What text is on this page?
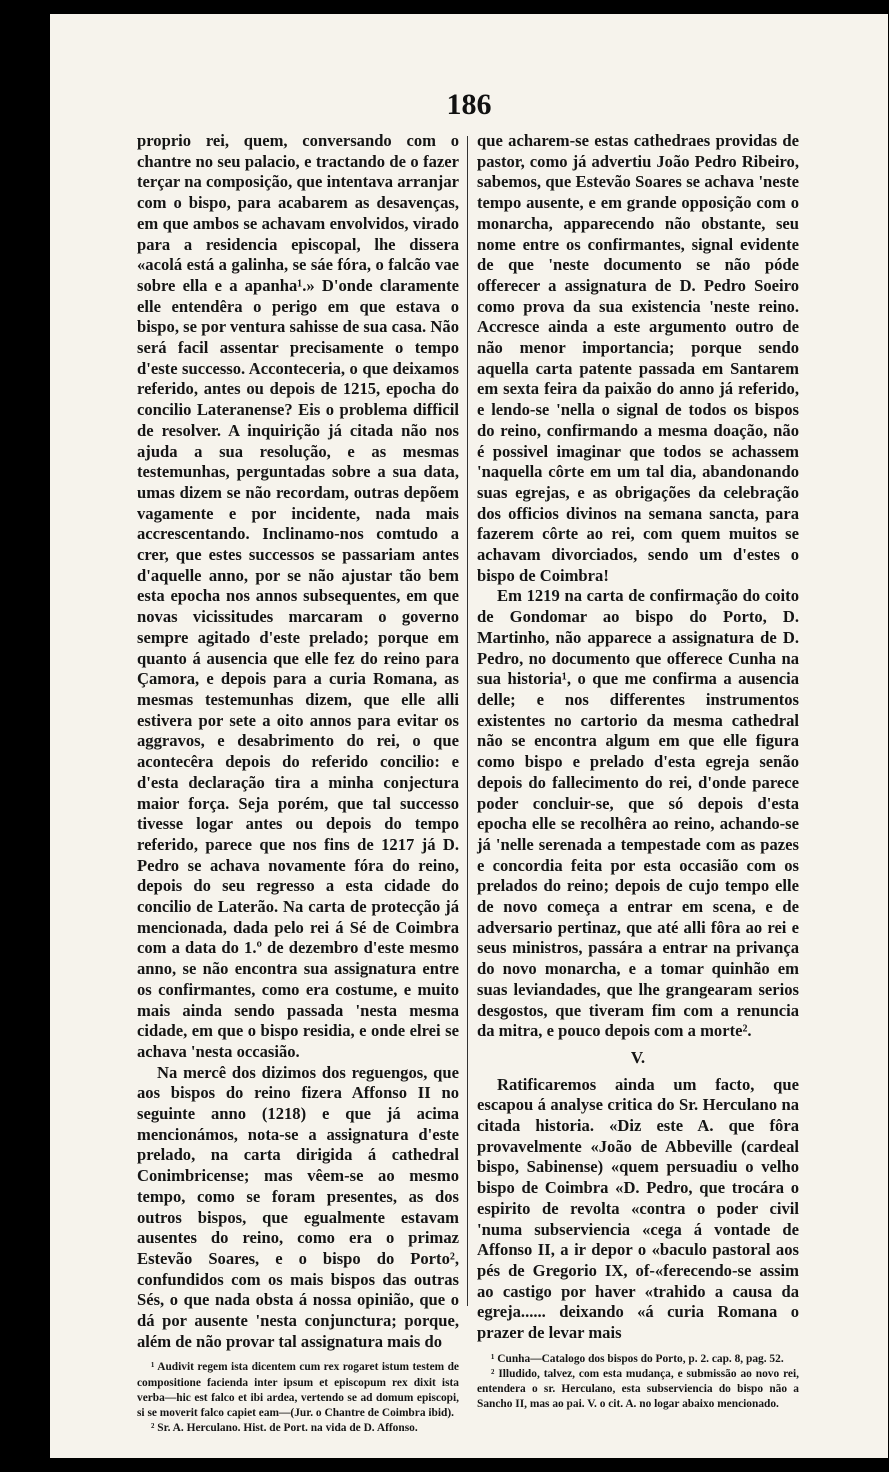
186

proprio rei, quem, conversando com o chantre no seu palacio, e tractando de o fazer terçar na composição, que intentava arranjar com o bispo, para acabarem as desavenças, em que ambos se achavam envolvidos, virado para a residencia episcopal, lhe dissera «acolá está a galinha, se sáe fóra, o falcão vae sobre ella e a apanha¹.» D'onde claramente elle entendêra o perigo em que estava o bispo, se por ventura sahisse de sua casa. Não será facil assentar precisamente o tempo d'este successo. Acconteceria, o que deixamos referido, antes ou depois de 1215, epocha do concilio Lateranense? Eis o problema difficil de resolver. A inquirição já citada não nos ajuda a sua resolução, e as mesmas testemunhas, perguntadas sobre a sua data, umas dizem se não recordam, outras depõem vagamente e por incidente, nada mais accrescentando. Inclinamo-nos comtudo a crer, que estes successos se passariam antes d'aquelle anno, por se não ajustar tão bem esta epocha nos annos subsequentes, em que novas vicissitudes marcaram o governo sempre agitado d'este prelado; porque em quanto á ausencia que elle fez do reino para Çamora, e depois para a curia Romana, as mesmas testemunhas dizem, que elle alli estivera por sete a oito annos para evitar os aggravos, e desabrimento do rei, o que acontecêra depois do referido concilio: e d'esta declaração tira a minha conjectura maior força. Seja porém, que tal successo tivesse logar antes ou depois do tempo referido, parece que nos fins de 1217 já D. Pedro se achava novamente fóra do reino, depois do seu regresso a esta cidade do concilio de Laterão. Na carta de protecção já mencionada, dada pelo rei á Sé de Coimbra com a data do 1.º de dezembro d'este mesmo anno, se não encontra sua assignatura entre os confirmantes, como era costume, e muito mais ainda sendo passada 'nesta mesma cidade, em que o bispo residia, e onde elrei se achava 'nesta occasião.

Na mercê dos dizimos dos reguengos, que aos bispos do reino fizera Affonso II no seguinte anno (1218) e que já acima mencionámos, nota-se a assignatura d'este prelado, na carta dirigida á cathedral Conimbricense; mas vêem-se ao mesmo tempo, como se foram presentes, as dos outros bispos, que egualmente estavam ausentes do reino, como era o primaz Estevão Soares, e o bispo do Porto², confundidos com os mais bispos das outras Sés, o que nada obsta á nossa opinião, que o dá por ausente 'nesta conjunctura; porque, além de não provar tal assignatura mais do

¹ Audivit regem ista dicentem cum rex rogaret istum testem de compositione facienda inter ipsum et episcopum rex dixit ista verba—hic est falco et ibi ardea, vertendo se ad domum episcopi, si se moverit falco capiet eam—(Jur. o Chantre de Coimbra ibid).

² Sr. A. Herculano. Hist. de Port. na vida de D. Affonso.

que acharem-se estas cathedraes providas de pastor, como já advertiu João Pedro Ribeiro, sabemos, que Estevão Soares se achava 'neste tempo ausente, e em grande opposição com o monarcha, apparecendo não obstante, seu nome entre os confirmantes, signal evidente de que 'neste documento se não póde offerecer a assignatura de D. Pedro Soeiro como prova da sua existencia 'neste reino. Accresce ainda a este argumento outro de não menor importancia; porque sendo aquella carta patente passada em Santarem em sexta feira da paixão do anno já referido, e lendo-se 'nella o signal de todos os bispos do reino, confirmando a mesma doação, não é possivel imaginar que todos se achassem 'naquella côrte em um tal dia, abandonando suas egrejas, e as obrigações da celebração dos officios divinos na semana sancta, para fazerem côrte ao rei, com quem muitos se achavam divorciados, sendo um d'estes o bispo de Coimbra!

Em 1219 na carta de confirmação do coito de Gondomar ao bispo do Porto, D. Martinho, não apparece a assignatura de D. Pedro, no documento que offerece Cunha na sua historia¹, o que me confirma a ausencia delle; e nos differentes instrumentos existentes no cartorio da mesma cathedral não se encontra algum em que elle figura como bispo e prelado d'esta egreja senão depois do fallecimento do rei, d'onde parece poder concluir-se, que só depois d'esta epocha elle se recolhêra ao reino, achando-se já 'nelle serenada a tempestade com as pazes e concordia feita por esta occasião com os prelados do reino; depois de cujo tempo elle de novo começa a entrar em scena, e de adversario pertinaz, que até alli fôra ao rei e seus ministros, passára a entrar na privança do novo monarcha, e a tomar quinhão em suas leviandades, que lhe grangearam serios desgostos, que tiveram fim com a renuncia da mitra, e pouco depois com a morte².

V.

Ratificaremos ainda um facto, que escapou á analyse critica do Sr. Herculano na citada historia. «Diz este A. que fôra provavelmente «João de Abbeville (cardeal bispo, Sabinense) «quem persuadiu o velho bispo de Coimbra «D. Pedro, que trocára o espirito de revolta «contra o poder civil 'numa subserviencia «cega á vontade de Affonso II, a ir depor o «baculo pastoral aos pés de Gregorio IX, of-«ferecendo-se assim ao castigo por haver «trahido a causa da egreja...... deixando «á curia Romana o prazer de levar mais

¹ Cunha—Catalogo dos bispos do Porto, p. 2. cap. 8, pag. 52.

² Illudido, talvez, com esta mudança, e submissão ao novo rei, entendera o sr. Herculano, esta subserviencia do bispo não a Sancho II, mas ao pai. V. o cit. A. no logar abaixo mencionado.
